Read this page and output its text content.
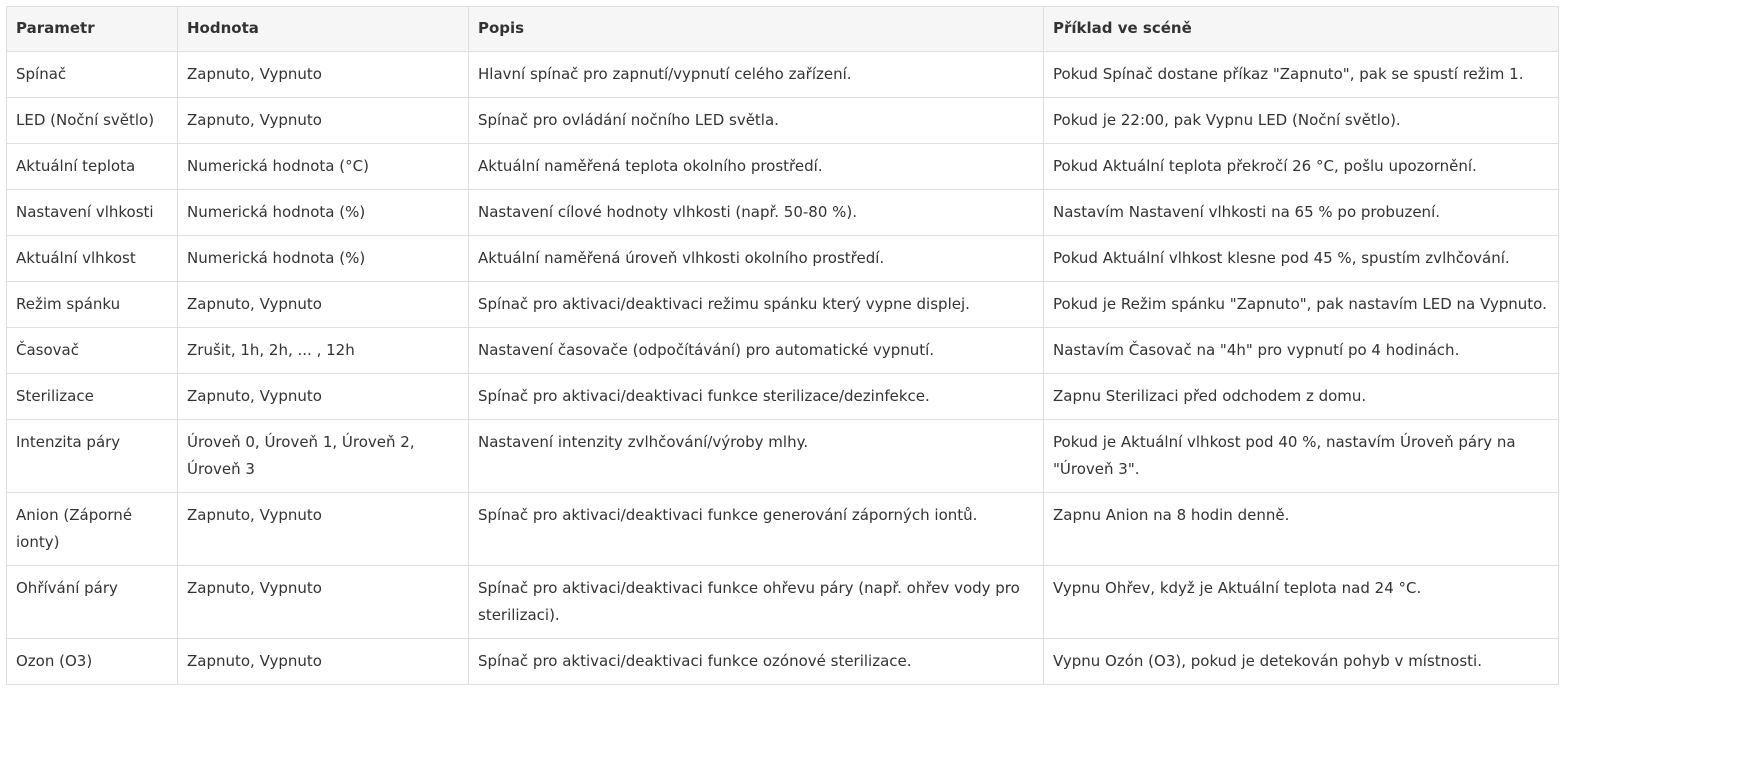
Parametr	Hodnota	Popis	Příklad ve scéně
Spínač	Zapnuto, Vypnuto	Hlavní spínač pro zapnutí/vypnutí celého zařízení.	Pokud Spínač dostane příkaz "Zapnuto", pak se spustí režim 1.
LED (Noční světlo)	Zapnuto, Vypnuto	Spínač pro ovládání nočního LED světla.	Pokud je 22:00, pak Vypnu LED (Noční světlo).
Aktuální teplota	Numerická hodnota (°C)	Aktuální naměřená teplota okolního prostředí.	Pokud Aktuální teplota překročí 26 °C, pošlu upozornění.
Nastavení vlhkosti	Numerická hodnota (%)	Nastavení cílové hodnoty vlhkosti (např. 50-80 %).	Nastavím Nastavení vlhkosti na 65 % po probuzení.
Aktuální vlhkost	Numerická hodnota (%)	Aktuální naměřená úroveň vlhkosti okolního prostředí.	Pokud Aktuální vlhkost klesne pod 45 %, spustím zvlhčování.
Režim spánku	Zapnuto, Vypnuto	Spínač pro aktivaci/deaktivaci režimu spánku který vypne displej.	Pokud je Režim spánku "Zapnuto", pak nastavím LED na Vypnuto.
Časovač	Zrušit, 1h, 2h, ... , 12h	Nastavení časovače (odpočítávání) pro automatické vypnutí.	Nastavím Časovač na "4h" pro vypnutí po 4 hodinách.
Sterilizace	Zapnuto, Vypnuto	Spínač pro aktivaci/deaktivaci funkce sterilizace/dezinfekce.	Zapnu Sterilizaci před odchodem z domu.
Intenzita páry	Úroveň 0, Úroveň 1, Úroveň 2, Úroveň 3	Nastavení intenzity zvlhčování/výroby mlhy.	Pokud je Aktuální vlhkost pod 40 %, nastavím Úroveň páry na "Úroveň 3".
Anion (Záporné ionty)	Zapnuto, Vypnuto	Spínač pro aktivaci/deaktivaci funkce generování záporných iontů.	Zapnu Anion na 8 hodin denně.
Ohřívání páry	Zapnuto, Vypnuto	Spínač pro aktivaci/deaktivaci funkce ohřevu páry (např. ohřev vody pro sterilizaci).	Vypnu Ohřev, když je Aktuální teplota nad 24 °C.
Ozon (O3)	Zapnuto, Vypnuto	Spínač pro aktivaci/deaktivaci funkce ozónové sterilizace.	Vypnu Ozón (O3), pokud je detekován pohyb v místnosti.
